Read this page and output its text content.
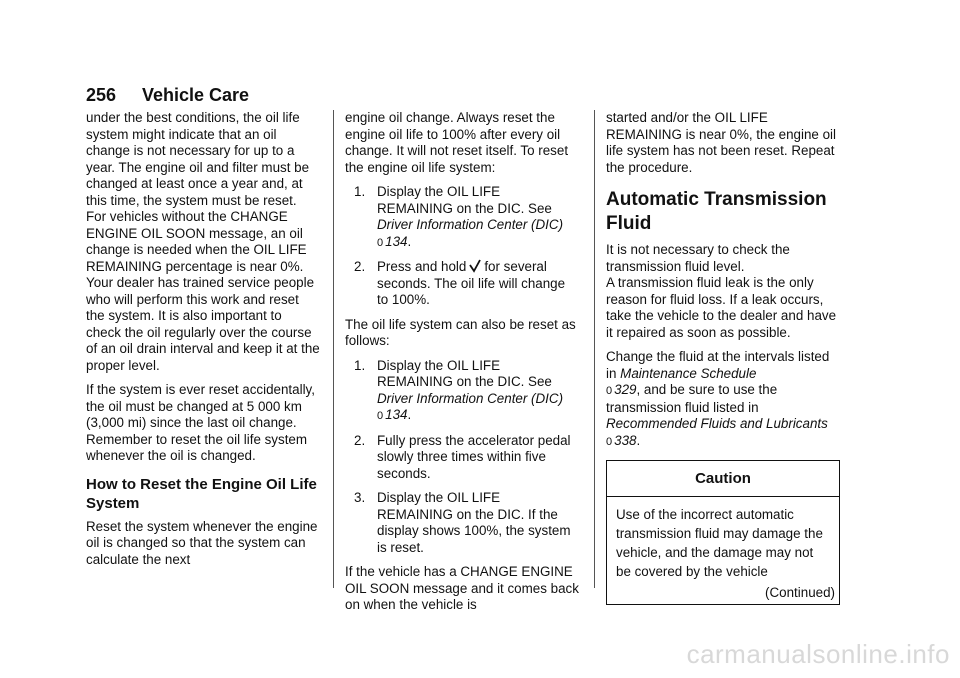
256 Vehicle Care

under the best conditions, the oil life system might indicate that an oil change is not necessary for up to a year. The engine oil and filter must be changed at least once a year and, at this time, the system must be reset. For vehicles without the CHANGE ENGINE OIL SOON message, an oil change is needed when the OIL LIFE REMAINING percentage is near 0%. Your dealer has trained service people who will perform this work and reset the system. It is also important to check the oil regularly over the course of an oil drain interval and keep it at the proper level.

If the system is ever reset accidentally, the oil must be changed at 5 000 km (3,000 mi) since the last oil change. Remember to reset the oil life system whenever the oil is changed.

How to Reset the Engine Oil Life System

Reset the system whenever the engine oil is changed so that the system can calculate the next

engine oil change. Always reset the engine oil life to 100% after every oil change. It will not reset itself. To reset the engine oil life system:

1. Display the OIL LIFE REMAINING on the DIC. See Driver Information Center (DIC)
0 134.
2. Press and hold for several seconds. The oil life will change to 100%.

The oil life system can also be reset as follows:

1. Display the OIL LIFE REMAINING on the DIC. See Driver Information Center (DIC)
0 134.
2. Fully press the accelerator pedal slowly three times within five seconds.
3. Display the OIL LIFE REMAINING on the DIC. If the display shows 100%, the system is reset.

If the vehicle has a CHANGE ENGINE OIL SOON message and it comes back on when the vehicle is

started and/or the OIL LIFE REMAINING is near 0%, the engine oil life system has not been reset. Repeat the procedure.

Automatic Transmission Fluid

It is not necessary to check the transmission fluid level.

A transmission fluid leak is the only reason for fluid loss. If a leak occurs, take the vehicle to the dealer and have it repaired as soon as possible.

Change the fluid at the intervals listed in Maintenance Schedule
0 329, and be sure to use the transmission fluid listed in Recommended Fluids and Lubricants 0 338.

Caution
Use of the incorrect automatic transmission fluid may damage the vehicle, and the damage may not be covered by the vehicle
(Continued)
carmanualsonline.info
